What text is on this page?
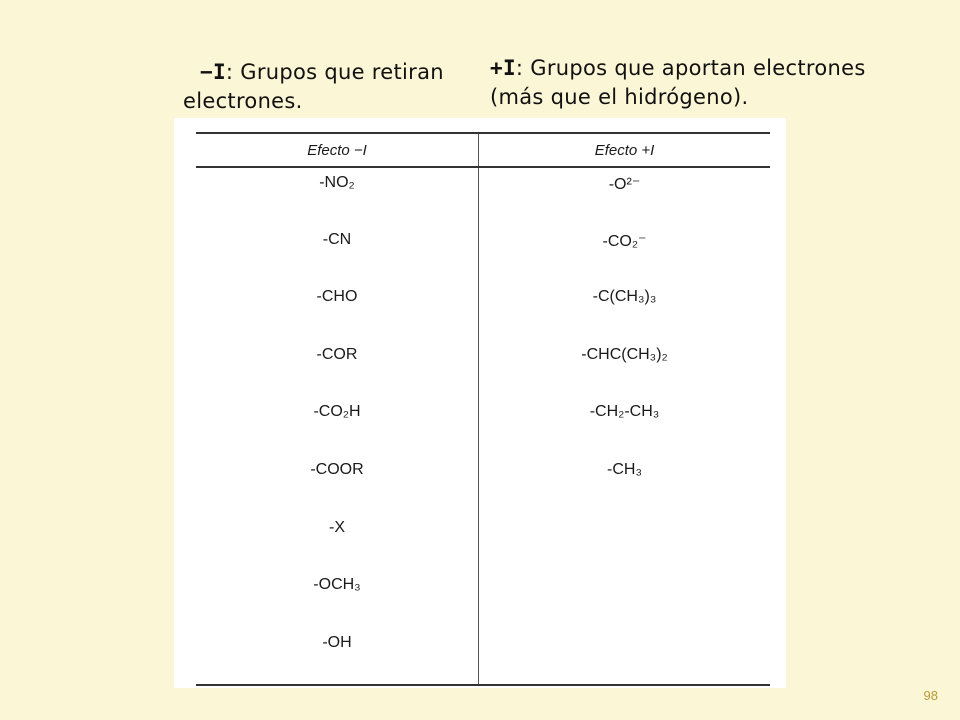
−I: Grupos que retiran
electrones.
+I: Grupos que aportan electrones
(más que el hidrógeno).
Efecto −I	Efecto +I
-NO₂	-O²⁻
-CN	-CO₂⁻
-CHO	-C(CH₃)₃
-COR	-CHC(CH₃)₂
-CO₂H	-CH₂-CH₃
-COOR	-CH₃
-X	
-OCH₃	
-OH	
98
